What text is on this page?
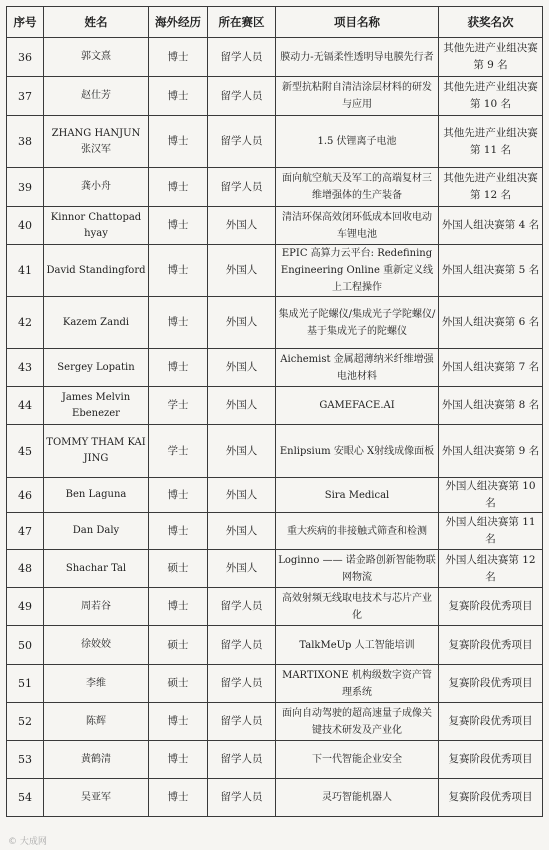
序号	姓名	海外经历	所在赛区	项目名称	获奖名次
36	郭文熹	博士	留学人员	膜动力-无镉柔性透明导电膜先行者	其他先进产业组决赛第 9 名
37	赵仕芳	博士	留学人员	新型抗粘附自清洁涂层材料的研发与应用	其他先进产业组决赛第 10 名
38	ZHANG HANJUN 张汉军	博士	留学人员	1.5 伏锂离子电池	其他先进产业组决赛第 11 名
39	龚小舟	博士	留学人员	面向航空航天及军工的高端复材三维增强体的生产装备	其他先进产业组决赛第 12 名
40	Kinnor Chattopad hyay	博士	外国人	清洁环保高效闭环低成本回收电动车锂电池	外国人组决赛第 4 名
41	David Standingford	博士	外国人	EPIC 高算力云平台: Redefining Engineering Online 重新定义线上工程操作	外国人组决赛第 5 名
42	Kazem Zandi	博士	外国人	集成光子陀螺仪/集成光子学陀螺仪/基于集成光子的陀螺仪	外国人组决赛第 6 名
43	Sergey Lopatin	博士	外国人	Aichemist 金属超薄纳米纤维增强电池材料	外国人组决赛第 7 名
44	James Melvin Ebenezer	学士	外国人	GAMEFACE.AI	外国人组决赛第 8 名
45	TOMMY THAM KAI JING	学士	外国人	Enlipsium 安眼心 X射线成像面板	外国人组决赛第 9 名
46	Ben Laguna	博士	外国人	Sira Medical	外国人组决赛第 10 名
47	Dan Daly	博士	外国人	重大疾病的非接触式筛查和检测	外国人组决赛第 11 名
48	Shachar Tal	硕士	外国人	Loginno —— 诺金路创新智能物联网物流	外国人组决赛第 12 名
49	周若谷	博士	留学人员	高效射频无线取电技术与芯片产业化	复赛阶段优秀项目
50	徐姣姣	硕士	留学人员	TalkMeUp 人工智能培训	复赛阶段优秀项目
51	李维	硕士	留学人员	MARTIXONE 机构级数字资产管理系统	复赛阶段优秀项目
52	陈辉	博士	留学人员	面向自动驾驶的超高速量子成像关键技术研发及产业化	复赛阶段优秀项目
53	黄鹤清	博士	留学人员	下一代智能企业安全	复赛阶段优秀项目
54	吴亚军	博士	留学人员	灵巧智能机器人	复赛阶段优秀项目
© 大成网
